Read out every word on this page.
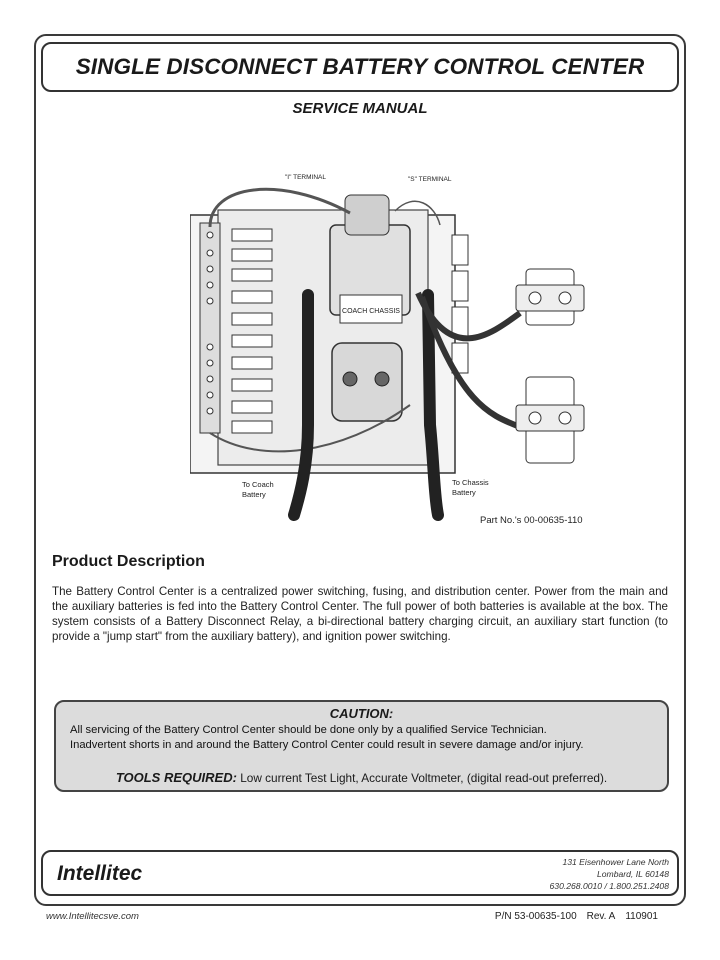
SINGLE DISCONNECT BATTERY CONTROL CENTER
SERVICE MANUAL
COACH CHASSIS
"I" TERMINAL	"S" TERMINAL
To Coach
Battery
To Chassis
Battery
Part No.'s 00-00635-110
Product Description
The Battery Control Center is a centralized power switching, fusing, and distribution center. Power from the main and the auxiliary batteries is fed into the Battery Control Center. The full power of both batteries is available at the box. The system consists of a Battery Disconnect Relay, a bi-directional battery charging circuit, an auxiliary start function (to provide a "jump start" from the auxiliary battery), and ignition power switching.
CAUTION:
All servicing of the Battery Control Center should be done only by a qualified Service Technician.
Inadvertent shorts in and around the Battery Control Center could result in severe damage and/or injury.
TOOLS REQUIRED: Low current Test Light, Accurate Voltmeter, (digital read-out preferred).
Intellitec	131 Eisenhower Lane North
Lombard, IL 60148
630.268.0010 / 1.800.251.2408
www.Intellitecsve.com	P/N 53-00635-100 Rev. A 110901
